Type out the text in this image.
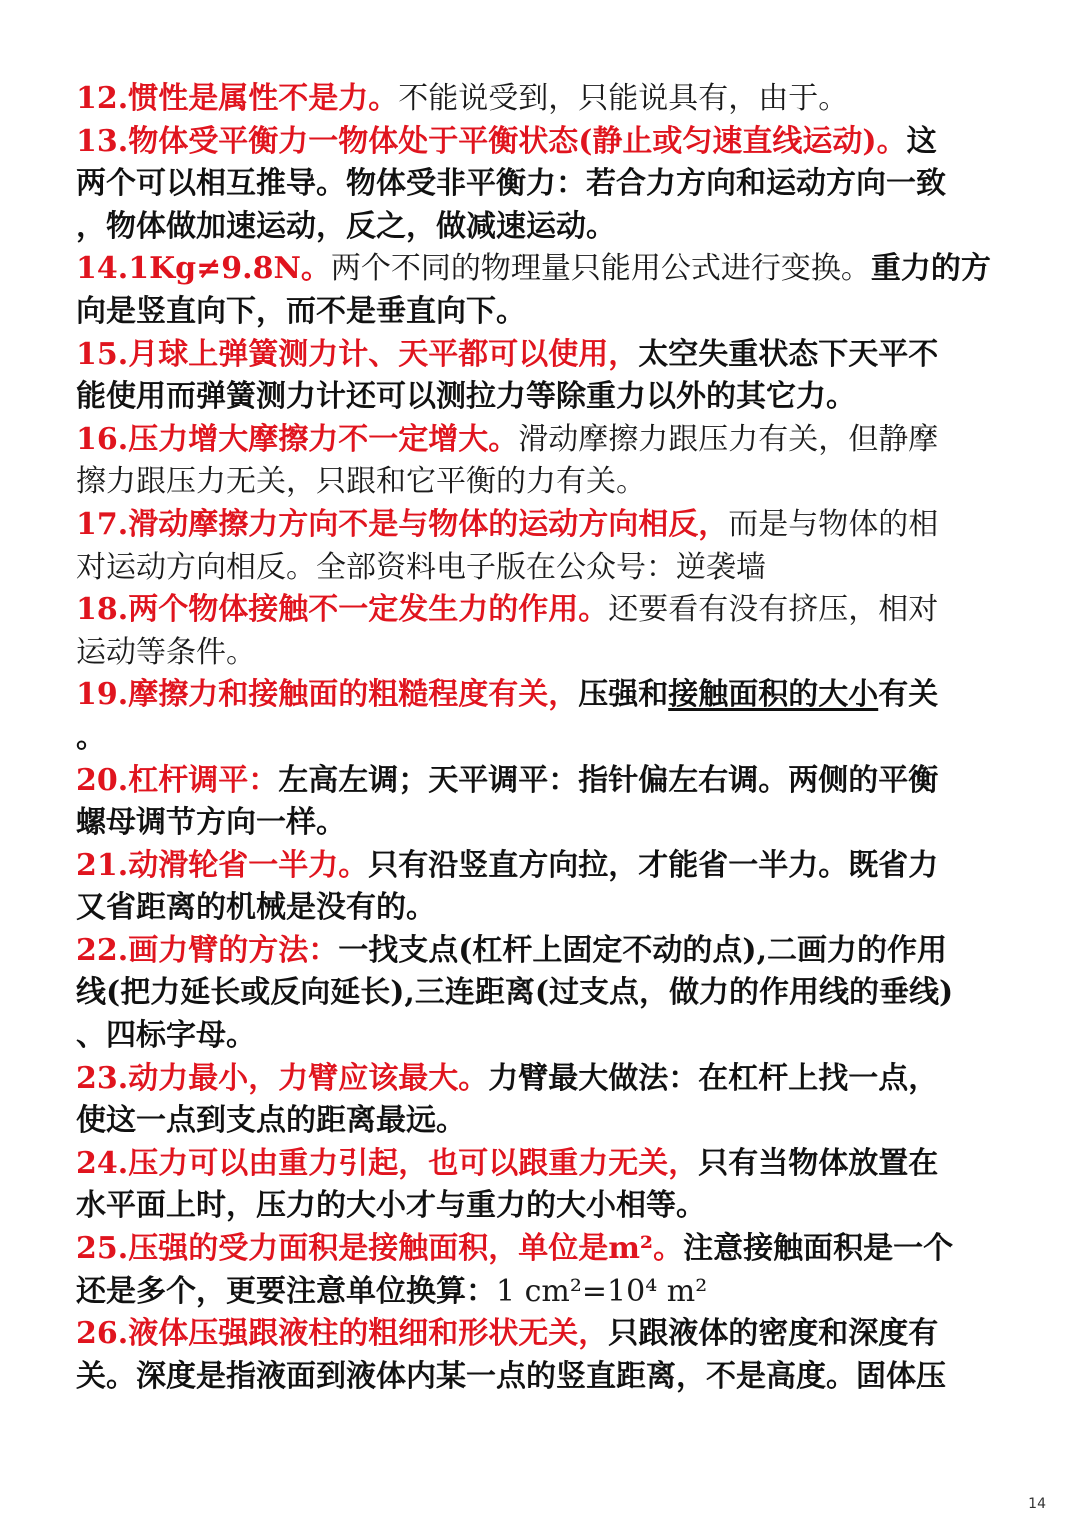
12.惯性是属性不是力。不能说受到，只能说具有，由于。
13.物体受平衡力一物体处于平衡状态(静止或匀速直线运动)。这
两个可以相互推导。物体受非平衡力：若合力方向和运动方向一致
，物体做加速运动，反之，做减速运动。
14.1Kg≠9.8N。两个不同的物理量只能用公式进行变换。重力的方
向是竖直向下，而不是垂直向下。
15.月球上弹簧测力计、天平都可以使用，太空失重状态下天平不
能使用而弹簧测力计还可以测拉力等除重力以外的其它力。
16.压力增大摩擦力不一定增大。滑动摩擦力跟压力有关，但静摩
擦力跟压力无关，只跟和它平衡的力有关。
17.滑动摩擦力方向不是与物体的运动方向相反，而是与物体的相
对运动方向相反。全部资料电子版在公众号：逆袭墙
18.两个物体接触不一定发生力的作用。还要看有没有挤压，相对
运动等条件。
19.摩擦力和接触面的粗糙程度有关，压强和接触面积的大小有关
。
20.杠杆调平：左高左调；天平调平：指针偏左右调。两侧的平衡
螺母调节方向一样。
21.动滑轮省一半力。只有沿竖直方向拉，才能省一半力。既省力
又省距离的机械是没有的。
22.画力臂的方法：一找支点(杠杆上固定不动的点),二画力的作用
线(把力延长或反向延长),三连距离(过支点，做力的作用线的垂线)
、四标字母。
23.动力最小，力臂应该最大。力臂最大做法：在杠杆上找一点，
使这一点到支点的距离最远。
24.压力可以由重力引起，也可以跟重力无关，只有当物体放置在
水平面上时，压力的大小才与重力的大小相等。
25.压强的受力面积是接触面积，单位是m²。注意接触面积是一个
还是多个，更要注意单位换算：1 cm²=10⁴ m²
26.液体压强跟液柱的粗细和形状无关，只跟液体的密度和深度有
关。深度是指液面到液体内某一点的竖直距离，不是高度。固体压
14
